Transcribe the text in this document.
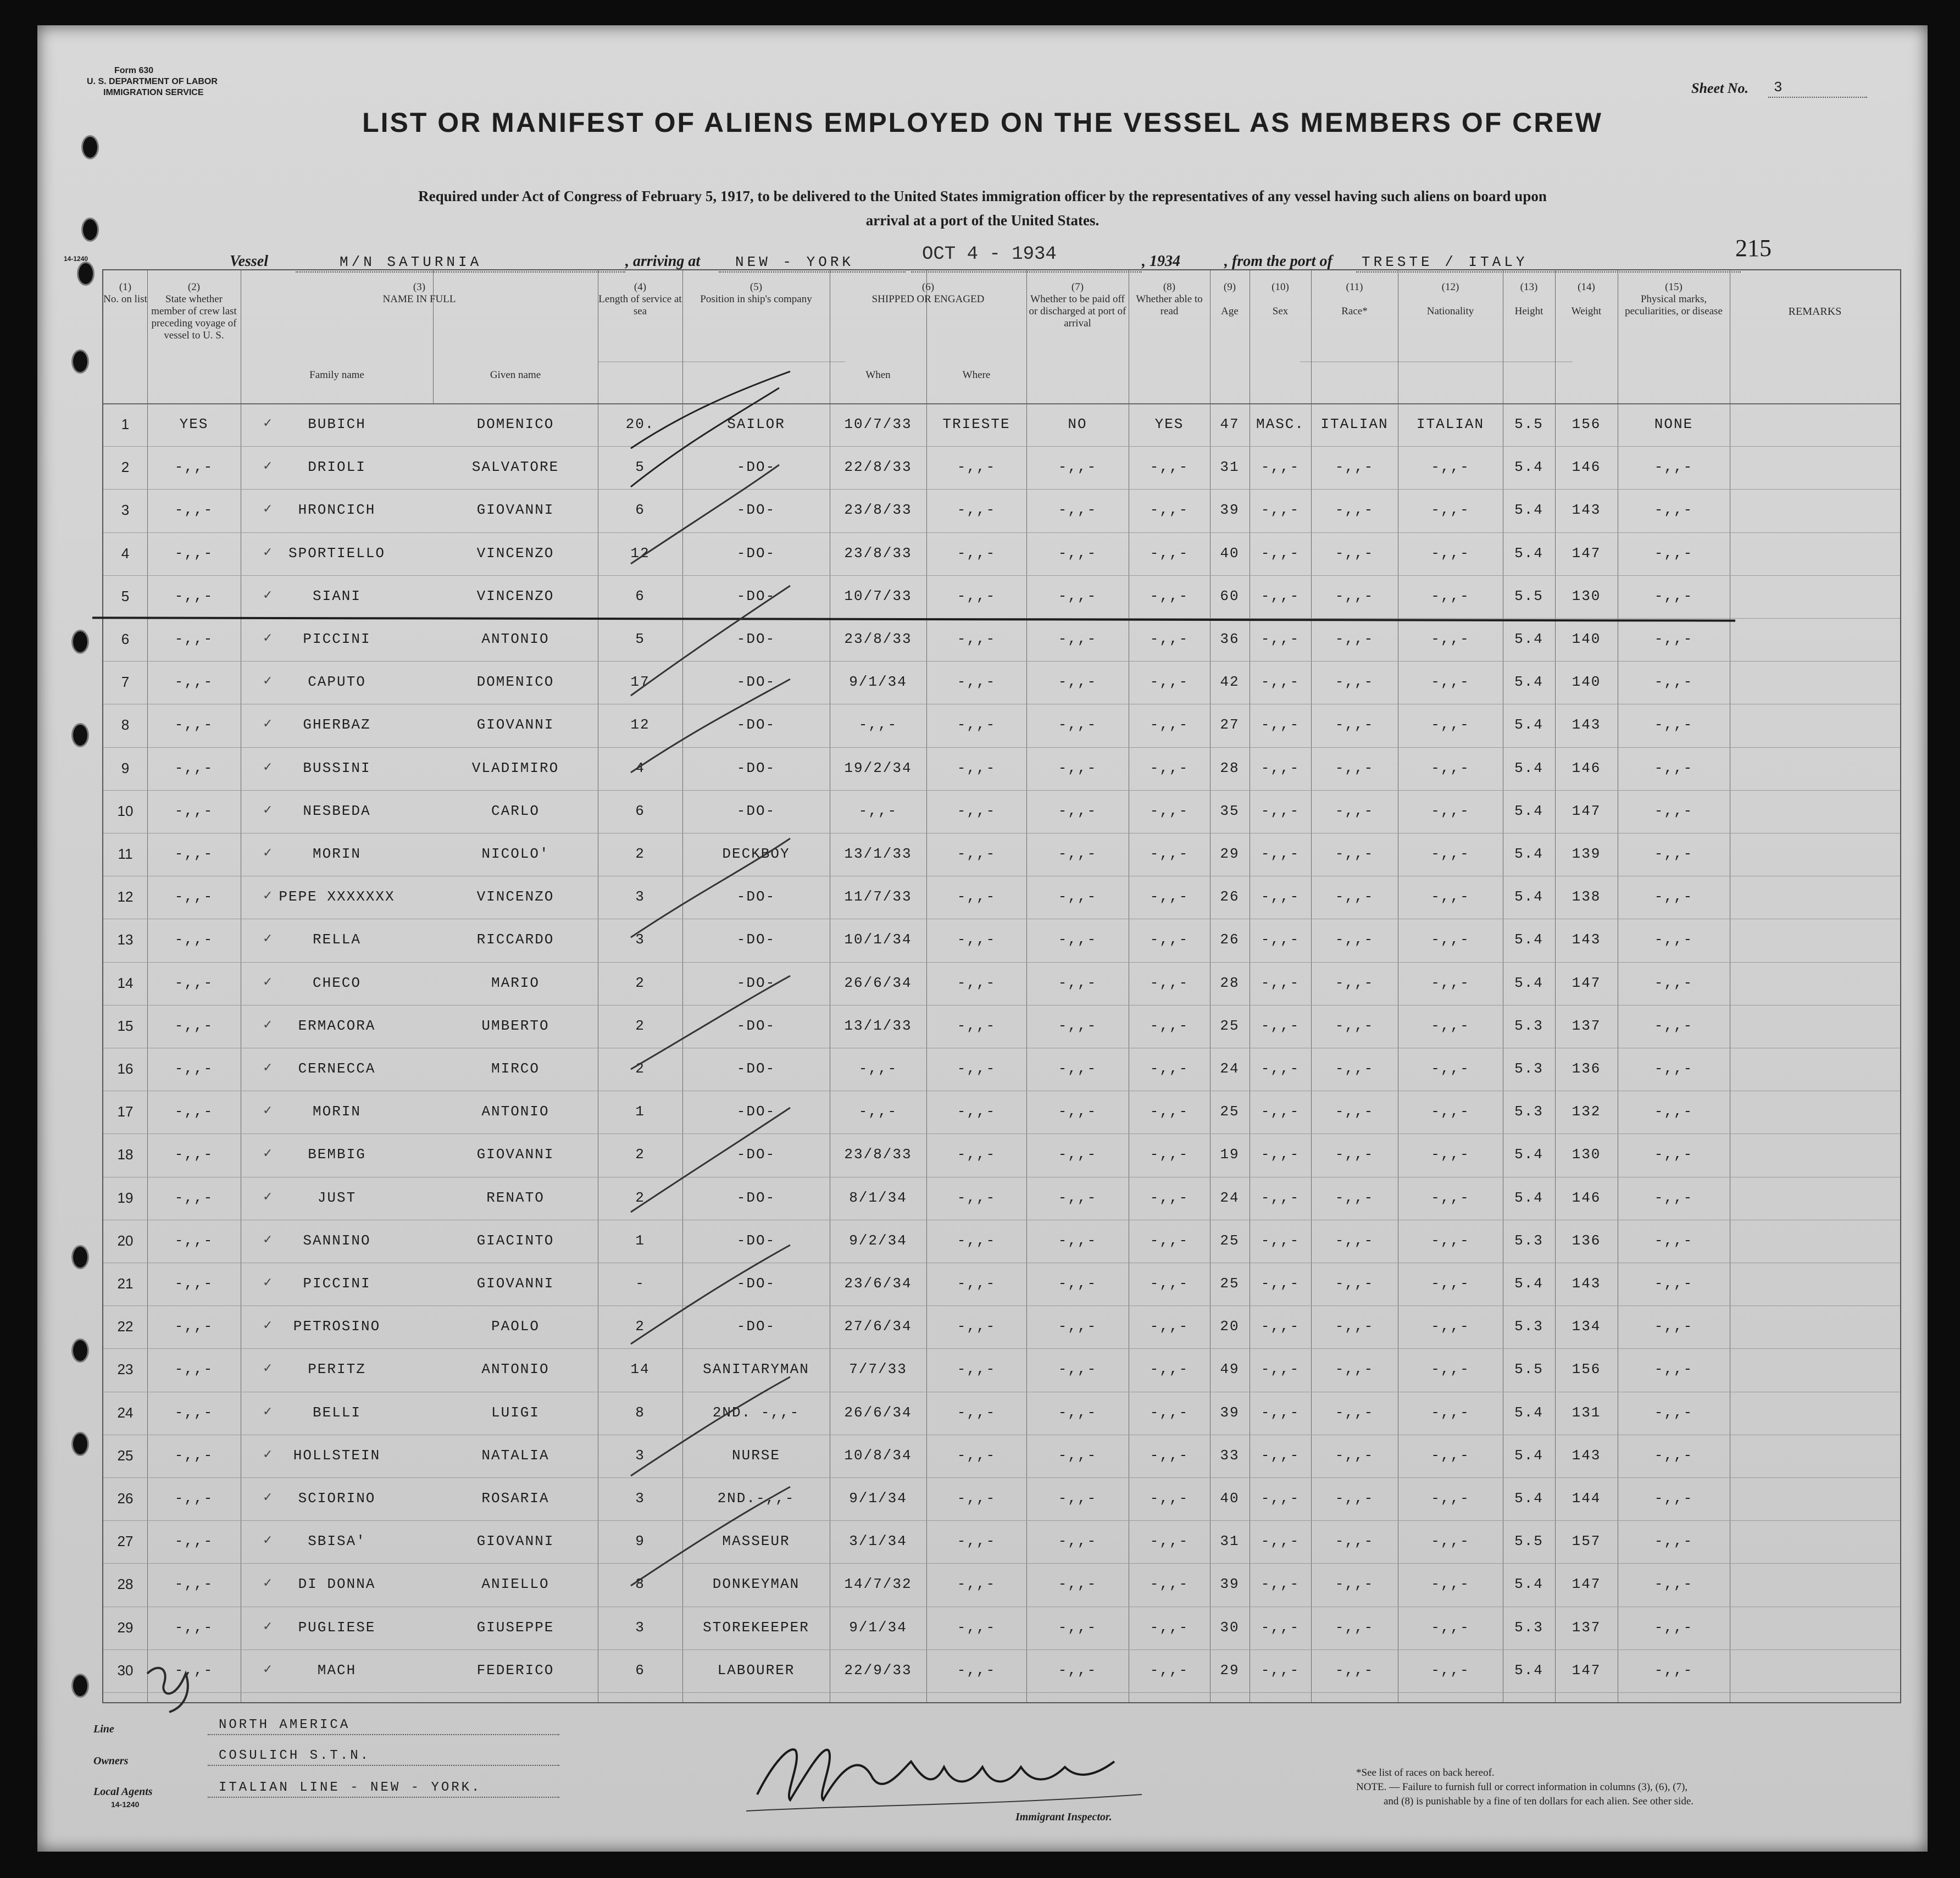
Form 630
U. S. DEPARTMENT OF LABOR
IMMIGRATION SERVICE
14-1240
Sheet No. 3
LIST OR MANIFEST OF ALIENS EMPLOYED ON THE VESSEL AS MEMBERS OF CREW
Required under Act of Congress of February 5, 1917, to be delivered to the United States immigration officer by the representatives of any vessel having such aliens on board upon
arrival at a port of the United States.
215
Vessel	M/N SATURNIA	, arriving at NEW - YORK	OCT 4 - 1934	, 1934	, from the port of TRESTE / ITALY
(1)
No. on list
(2)
State whether member of crew last preceding voyage of vessel to U. S.
(3)
NAME IN FULL
Family name	Given name
(4)
Length of service at sea
(5)
Position in ship's company
(6)
SHIPPED OR ENGAGED
When	Where
(7)
Whether to be paid off or discharged at port of arrival
(8)
Whether able to read
(9)

Age
(10)

Sex
(11)

Race*
(12)

Nationality
(13)

Height
(14)

Weight
(15)
Physical marks, peculiarities, or disease	REMARKS
1	YES	BUBICH	DOMENICO	20.	SAILOR	10/7/33	TRIESTE	NO	YES	47	MASC.	ITALIAN	ITALIAN	5.5	156	NONE
✓
2	-,,-	DRIOLI	SALVATORE	5	-DO-	22/8/33	-,,-	-,,-	-,,-	31	-,,-	-,,-	-,,-	5.4	146	-,,-
✓
3	-,,-	HRONCICH	GIOVANNI	6	-DO-	23/8/33	-,,-	-,,-	-,,-	39	-,,-	-,,-	-,,-	5.4	143	-,,-
✓
4	-,,-	SPORTIELLO	VINCENZO	12	-DO-	23/8/33	-,,-	-,,-	-,,-	40	-,,-	-,,-	-,,-	5.4	147	-,,-
✓
5	-,,-	SIANI	VINCENZO	6	-DO-	10/7/33	-,,-	-,,-	-,,-	60	-,,-	-,,-	-,,-	5.5	130	-,,-
✓
6	-,,-	PICCINI	ANTONIO	5	-DO-	23/8/33	-,,-	-,,-	-,,-	36	-,,-	-,,-	-,,-	5.4	140	-,,-
✓
7	-,,-	CAPUTO	DOMENICO	17	-DO-	9/1/34	-,,-	-,,-	-,,-	42	-,,-	-,,-	-,,-	5.4	140	-,,-
✓
8	-,,-	GHERBAZ	GIOVANNI	12	-DO-	-,,-	-,,-	-,,-	-,,-	27	-,,-	-,,-	-,,-	5.4	143	-,,-
✓
9	-,,-	BUSSINI	VLADIMIRO	4	-DO-	19/2/34	-,,-	-,,-	-,,-	28	-,,-	-,,-	-,,-	5.4	146	-,,-
✓
10	-,,-	NESBEDA	CARLO	6	-DO-	-,,-	-,,-	-,,-	-,,-	35	-,,-	-,,-	-,,-	5.4	147	-,,-
✓
11	-,,-	MORIN	NICOLO'	2	DECKBOY	13/1/33	-,,-	-,,-	-,,-	29	-,,-	-,,-	-,,-	5.4	139	-,,-
✓
12	-,,-	PEPE XXXXXXX	VINCENZO	3	-DO-	11/7/33	-,,-	-,,-	-,,-	26	-,,-	-,,-	-,,-	5.4	138	-,,-
✓
13	-,,-	RELLA	RICCARDO	3	-DO-	10/1/34	-,,-	-,,-	-,,-	26	-,,-	-,,-	-,,-	5.4	143	-,,-
✓
14	-,,-	CHECO	MARIO	2	-DO-	26/6/34	-,,-	-,,-	-,,-	28	-,,-	-,,-	-,,-	5.4	147	-,,-
✓
15	-,,-	ERMACORA	UMBERTO	2	-DO-	13/1/33	-,,-	-,,-	-,,-	25	-,,-	-,,-	-,,-	5.3	137	-,,-
✓
16	-,,-	CERNECCA	MIRCO	2	-DO-	-,,-	-,,-	-,,-	-,,-	24	-,,-	-,,-	-,,-	5.3	136	-,,-
✓
17	-,,-	MORIN	ANTONIO	1	-DO-	-,,-	-,,-	-,,-	-,,-	25	-,,-	-,,-	-,,-	5.3	132	-,,-
✓
18	-,,-	BEMBIG	GIOVANNI	2	-DO-	23/8/33	-,,-	-,,-	-,,-	19	-,,-	-,,-	-,,-	5.4	130	-,,-
✓
19	-,,-	JUST	RENATO	2	-DO-	8/1/34	-,,-	-,,-	-,,-	24	-,,-	-,,-	-,,-	5.4	146	-,,-
✓
20	-,,-	SANNINO	GIACINTO	1	-DO-	9/2/34	-,,-	-,,-	-,,-	25	-,,-	-,,-	-,,-	5.3	136	-,,-
✓
21	-,,-	PICCINI	GIOVANNI	-	-DO-	23/6/34	-,,-	-,,-	-,,-	25	-,,-	-,,-	-,,-	5.4	143	-,,-
✓
22	-,,-	PETROSINO	PAOLO	2	-DO-	27/6/34	-,,-	-,,-	-,,-	20	-,,-	-,,-	-,,-	5.3	134	-,,-
✓
23	-,,-	PERITZ	ANTONIO	14	SANITARYMAN	7/7/33	-,,-	-,,-	-,,-	49	-,,-	-,,-	-,,-	5.5	156	-,,-
✓
24	-,,-	BELLI	LUIGI	8	2ND. -,,-	26/6/34	-,,-	-,,-	-,,-	39	-,,-	-,,-	-,,-	5.4	131	-,,-
✓
25	-,,-	HOLLSTEIN	NATALIA	3	NURSE	10/8/34	-,,-	-,,-	-,,-	33	-,,-	-,,-	-,,-	5.4	143	-,,-
✓
26	-,,-	SCIORINO	ROSARIA	3	2ND.-,,-	9/1/34	-,,-	-,,-	-,,-	40	-,,-	-,,-	-,,-	5.4	144	-,,-
✓
27	-,,-	SBISA'	GIOVANNI	9	MASSEUR	3/1/34	-,,-	-,,-	-,,-	31	-,,-	-,,-	-,,-	5.5	157	-,,-
✓
28	-,,-	DI DONNA	ANIELLO	8	DONKEYMAN	14/7/32	-,,-	-,,-	-,,-	39	-,,-	-,,-	-,,-	5.4	147	-,,-
✓
29	-,,-	PUGLIESE	GIUSEPPE	3	STOREKEEPER	9/1/34	-,,-	-,,-	-,,-	30	-,,-	-,,-	-,,-	5.3	137	-,,-
✓
30	-,,-	MACH	FEDERICO	6	LABOURER	22/9/33	-,,-	-,,-	-,,-	29	-,,-	-,,-	-,,-	5.4	147	-,,-
✓
Line	NORTH AMERICA
Owners	COSULICH S.T.N.
Local Agents	ITALIAN LINE - NEW - YORK.
14-1240
Immigrant Inspector.
*See list of races on back hereof.
NOTE. — Failure to furnish full or correct information in columns (3), (6), (7),
and (8) is punishable by a fine of ten dollars for each alien. See other side.
